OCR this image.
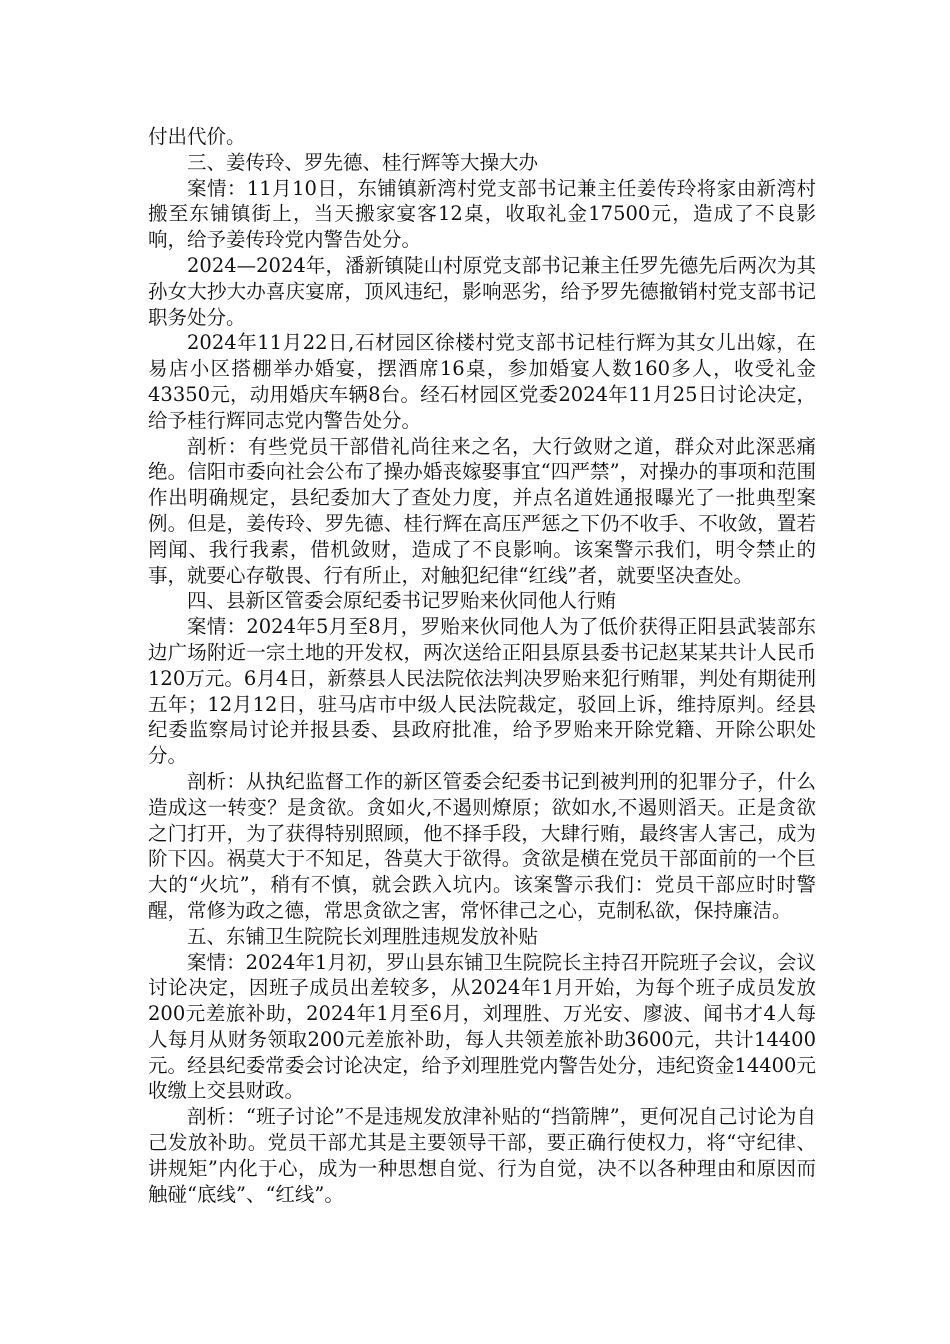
付出代价。

三、姜传玲、罗先德、桂行辉等大操大办

案情：11月10日，东铺镇新湾村党支部书记兼主任姜传玲将家由新湾村搬至东铺镇街上，当天搬家宴客12桌，收取礼金17500元，造成了不良影响，给予姜传玲党内警告处分。

2024—2024年，潘新镇陡山村原党支部书记兼主任罗先德先后两次为其孙女大抄大办喜庆宴席，顶风违纪，影响恶劣，给予罗先德撤销村党支部书记职务处分。

2024年11月22日,石材园区徐楼村党支部书记桂行辉为其女儿出嫁，在易店小区搭棚举办婚宴，摆酒席16桌，参加婚宴人数160多人，收受礼金43350元，动用婚庆车辆8台。经石材园区党委2024年11月25日讨论决定，给予桂行辉同志党内警告处分。

剖析：有些党员干部借礼尚往来之名，大行敛财之道，群众对此深恶痛绝。信阳市委向社会公布了操办婚丧嫁娶事宜“四严禁”，对操办的事项和范围作出明确规定，县纪委加大了查处力度，并点名道姓通报曝光了一批典型案例。但是，姜传玲、罗先德、桂行辉在高压严惩之下仍不收手、不收敛，置若罔闻、我行我素，借机敛财，造成了不良影响。该案警示我们，明令禁止的事，就要心存敬畏、行有所止，对触犯纪律“红线”者，就要坚决查处。

四、县新区管委会原纪委书记罗贻来伙同他人行贿

案情：2024年5月至8月，罗贻来伙同他人为了低价获得正阳县武装部东边广场附近一宗土地的开发权，两次送给正阳县原县委书记赵某某共计人民币120万元。6月4日，新蔡县人民法院依法判决罗贻来犯行贿罪，判处有期徒刑五年；12月12日，驻马店市中级人民法院裁定，驳回上诉，维持原判。经县纪委监察局讨论并报县委、县政府批准，给予罗贻来开除党籍、开除公职处分。

剖析：从执纪监督工作的新区管委会纪委书记到被判刑的犯罪分子，什么造成这一转变？是贪欲。贪如火,不遏则燎原；欲如水,不遏则滔天。正是贪欲之门打开，为了获得特别照顾，他不择手段，大肆行贿，最终害人害己，成为阶下囚。祸莫大于不知足，咎莫大于欲得。贪欲是横在党员干部面前的一个巨大的“火坑”，稍有不慎，就会跌入坑内。该案警示我们：党员干部应时时警醒，常修为政之德，常思贪欲之害，常怀律己之心，克制私欲，保持廉洁。

五、东铺卫生院院长刘理胜违规发放补贴

案情：2024年1月初，罗山县东铺卫生院院长主持召开院班子会议，会议讨论决定，因班子成员出差较多，从2024年1月开始，为每个班子成员发放200元差旅补助，2024年1月至6月，刘理胜、万光安、廖波、闻书才4人每人每月从财务领取200元差旅补助，每人共领差旅补助3600元，共计14400元。经县纪委常委会讨论决定，给予刘理胜党内警告处分，违纪资金14400元收缴上交县财政。

剖析：“班子讨论”不是违规发放津补贴的“挡箭牌”，更何况自己讨论为自己发放补助。党员干部尤其是主要领导干部，要正确行使权力，将“守纪律、讲规矩”内化于心，成为一种思想自觉、行为自觉，决不以各种理由和原因而触碰“底线”、“红线”。
